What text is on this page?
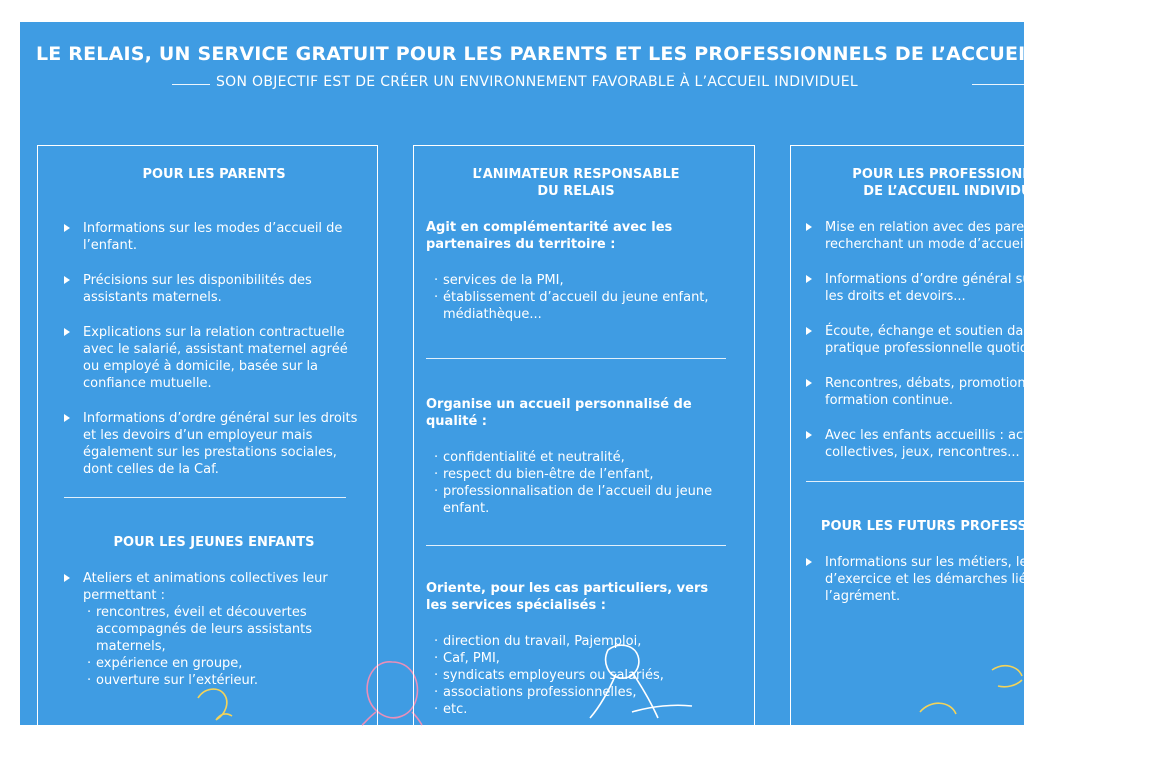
LE RELAIS, UN SERVICE GRATUIT POUR LES PARENTS ET LES PROFESSIONNELS DE L’ACCUEIL INDIVIDUEL
SON OBJECTIF EST DE CRÉER UN ENVIRONNEMENT FAVORABLE À L’ACCUEIL INDIVIDUEL

POUR LES PARENTS

Informations sur les modes d’accueil de l’enfant.
Précisions sur les disponibilités des assistants maternels.
Explications sur la relation contractuelle avec le salarié, assistant maternel agréé ou employé à domicile, basée sur la confiance mutuelle.
Informations d’ordre général sur les droits et les devoirs d’un employeur mais également sur les prestations sociales, dont celles de la Caf.

POUR LES JEUNES ENFANTS

Ateliers et animations collectives leur permettant :
· rencontres, éveil et découvertes accompagnés de leurs assistants maternels,
· expérience en groupe,
· ouverture sur l’extérieur.

L’ANIMATEUR RESPONSABLE

DU RELAIS

Agit en complémentarité avec les partenaires du territoire :

· services de la PMI,
· établissement d’accueil du jeune enfant, médiathèque...

Organise un accueil personnalisé de qualité :

· confidentialité et neutralité,
· respect du bien-être de l’enfant,
· professionnalisation de l’accueil du jeune enfant.

Oriente, pour les cas particuliers, vers les services spécialisés :

· direction du travail, Pajemploi,
· Caf, PMI,
· syndicats employeurs ou salariés,
· associations professionnelles,
· etc.

POUR LES PROFESSIONNELS

DE L’ACCUEIL INDIVIDUEL

Mise en relation avec des parents recherchant un mode d’accueil.
Informations d’ordre général sur le statut, les droits et devoirs...
Écoute, échange et soutien dans la pratique professionnelle quotidienne.
Rencontres, débats, promotion de la formation continue.
Avec les enfants accueillis : activités collectives, jeux, rencontres...

POUR LES FUTURS PROFESSIONNELS

Informations sur les métiers, les conditions d’exercice et les démarches liées à l’agrément.
